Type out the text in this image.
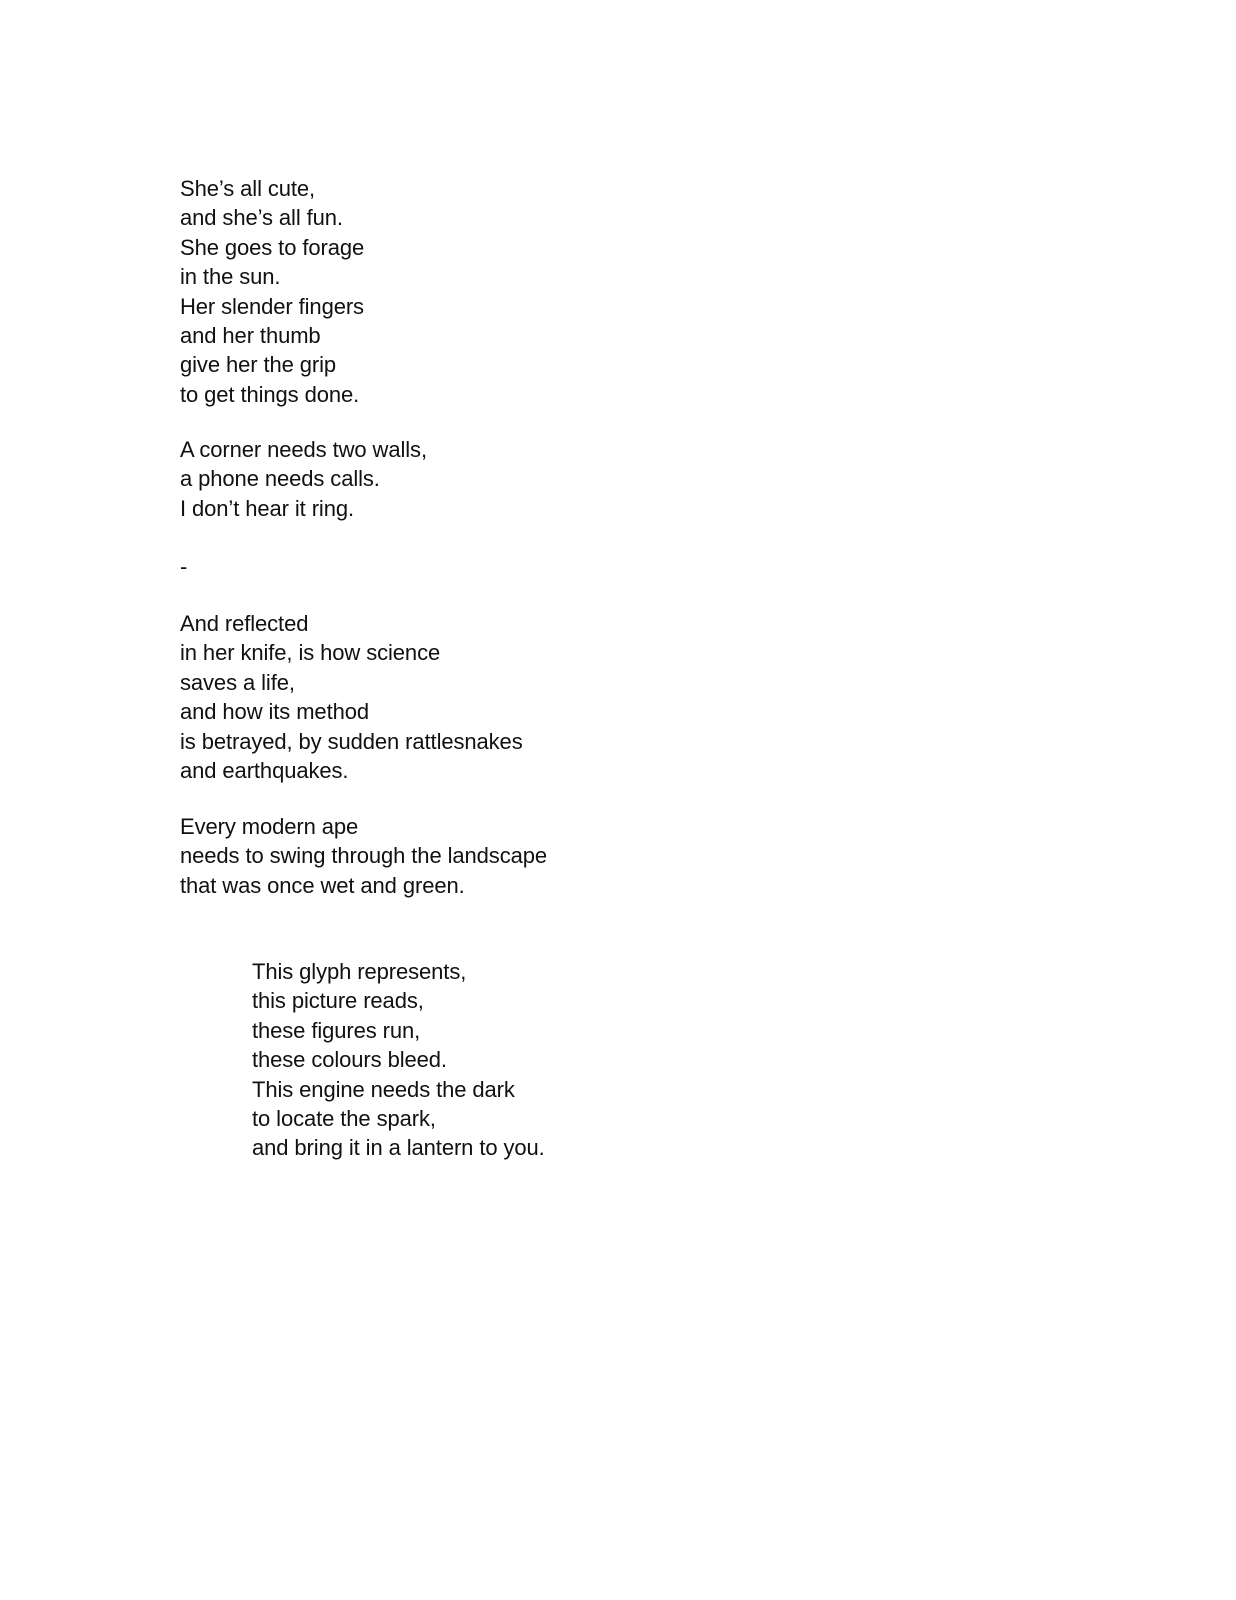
She’s all cute,
and she’s all fun.
She goes to forage
in the sun.
Her slender fingers
and her thumb
give her the grip
to get things done.
A corner needs two walls,
a phone needs calls.
I don’t hear it ring.
-
And reflected
in her knife, is how science
saves a life,
and how its method
is betrayed, by sudden rattlesnakes
and earthquakes.
Every modern ape
needs to swing through the landscape
that was once wet and green.
This glyph represents,
this picture reads,
these figures run,
these colours bleed.
This engine needs the dark
to locate the spark,
and bring it in a lantern to you.
